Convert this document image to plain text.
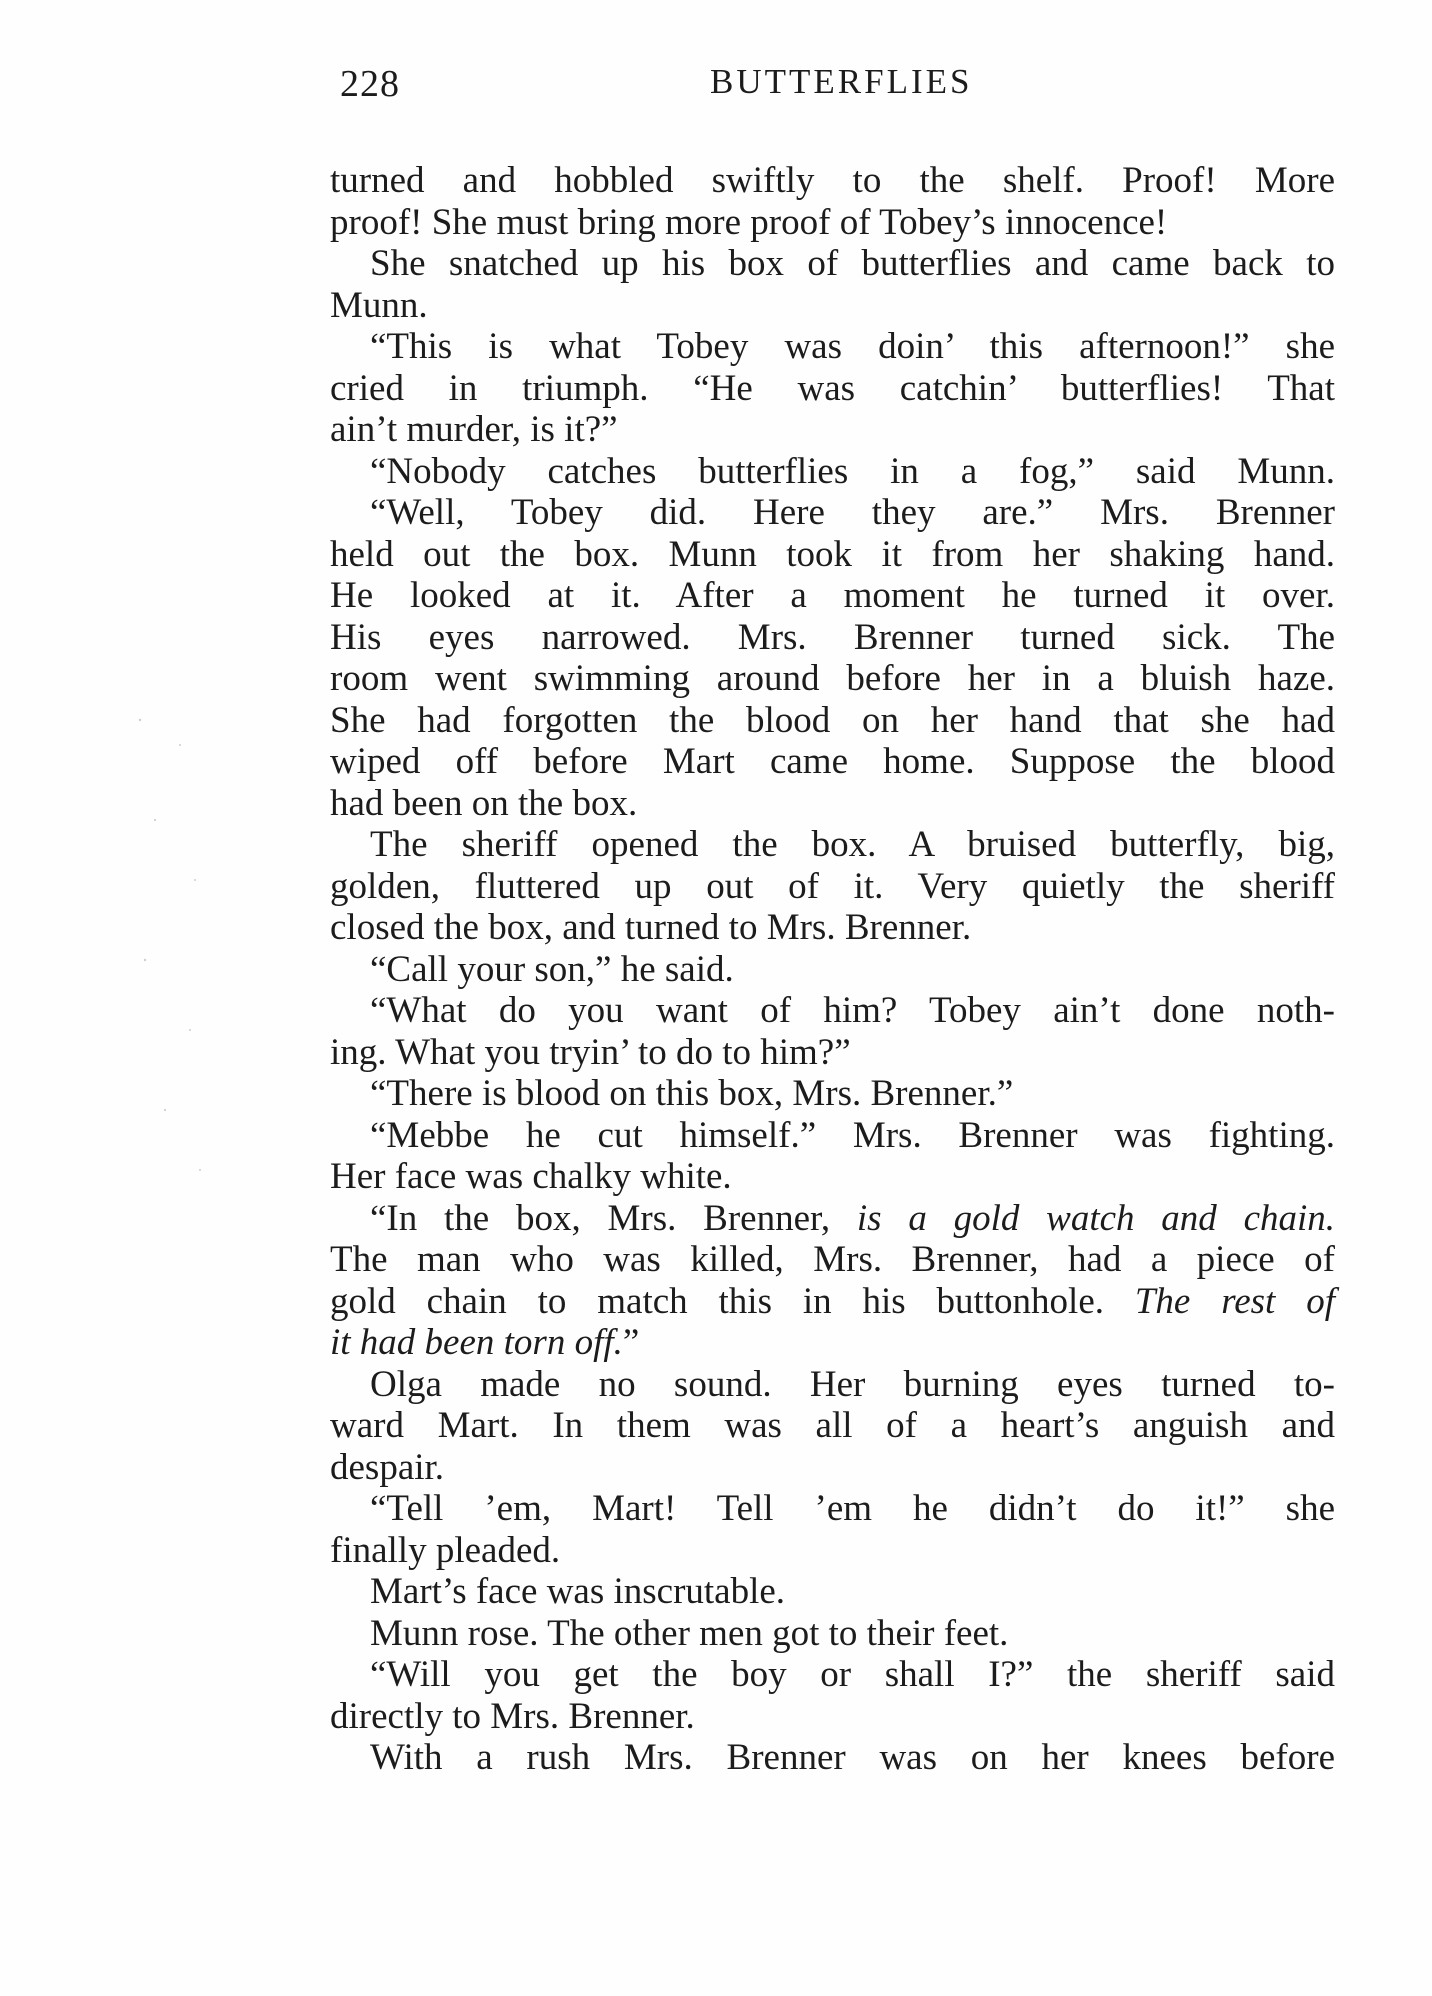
228	BUTTERFLIES
turned and hobbled swiftly to the shelf. Proof! More
proof! She must bring more proof of Tobey’s innocence!
She snatched up his box of butterflies and came back to
Munn.
“This is what Tobey was doin’ this afternoon!” she
cried in triumph. “He was catchin’ butterflies! That
ain’t murder, is it?”
“Nobody catches butterflies in a fog,” said Munn.
“Well, Tobey did. Here they are.” Mrs. Brenner
held out the box. Munn took it from her shaking hand.
He looked at it. After a moment he turned it over.
His eyes narrowed. Mrs. Brenner turned sick. The
room went swimming around before her in a bluish haze.
She had forgotten the blood on her hand that she had
wiped off before Mart came home. Suppose the blood
had been on the box.
The sheriff opened the box. A bruised butterfly, big,
golden, fluttered up out of it. Very quietly the sheriff
closed the box, and turned to Mrs. Brenner.
“Call your son,” he said.
“What do you want of him? Tobey ain’t done noth-
ing. What you tryin’ to do to him?”
“There is blood on this box, Mrs. Brenner.”
“Mebbe he cut himself.” Mrs. Brenner was fighting.
Her face was chalky white.
“In the box, Mrs. Brenner, is a gold watch and chain.
The man who was killed, Mrs. Brenner, had a piece of
gold chain to match this in his buttonhole. The rest of
it had been torn off.”
Olga made no sound. Her burning eyes turned to-
ward Mart. In them was all of a heart’s anguish and
despair.
“Tell ’em, Mart! Tell ’em he didn’t do it!” she
finally pleaded.
Mart’s face was inscrutable.
Munn rose. The other men got to their feet.
“Will you get the boy or shall I?” the sheriff said
directly to Mrs. Brenner.
With a rush Mrs. Brenner was on her knees before
